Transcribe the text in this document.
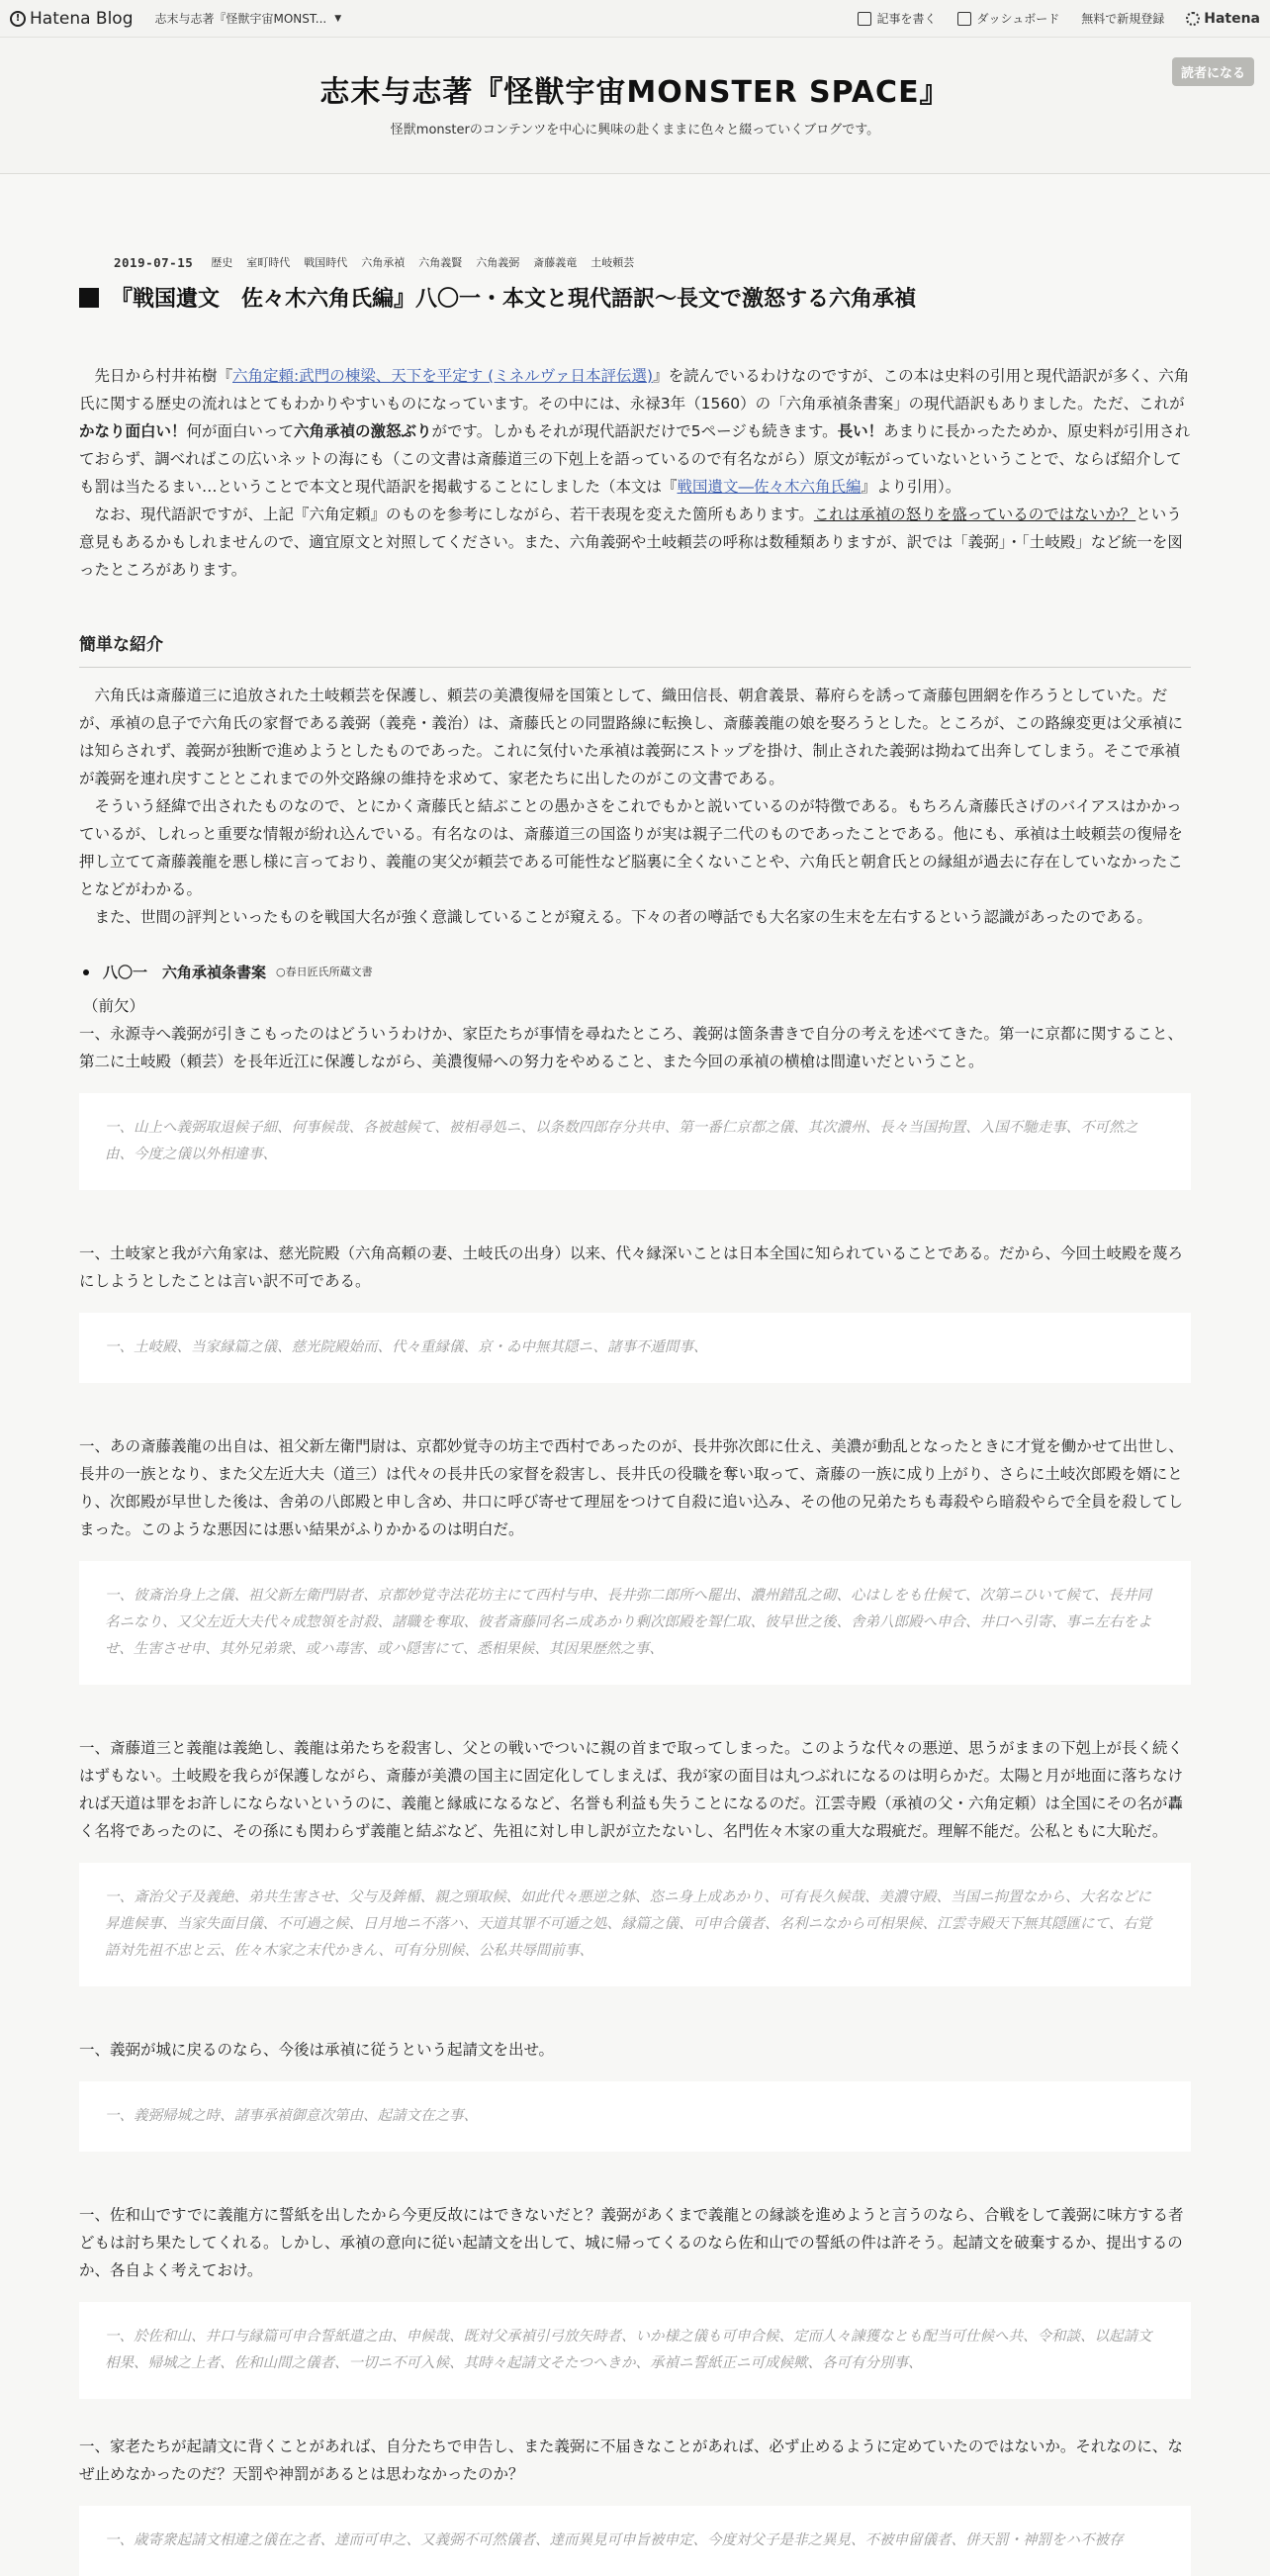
! Hatena Blog 志末与志著『怪獣宇宙MONST... ▼	記事を書く	ダッシュボード 無料で新規登録	Hatena
志末与志著『怪獣宇宙MONSTER SPACE』
怪獣monsterのコンテンツを中心に興味の赴くままに色々と綴っていくブログです。
読者になる
2019-07-15 歴史 室町時代 戦国時代 六角承禎 六角義賢 六角義弼 斎藤義竜 土岐頼芸
『戦国遺文　佐々木六角氏編』八〇一・本文と現代語訳～長文で激怒する六角承禎

先日から村井祐樹『六角定頼:武門の棟梁、天下を平定す (ミネルヴァ日本評伝選)』を読んでいるわけなのですが、この本は史料の引用と現代語訳が多く、六角氏に関する歴史の流れはとてもわかりやすいものになっています。その中には、永禄3年（1560）の「六角承禎条書案」の現代語訳もありました。ただ、これがかなり面白い！何が面白いって六角承禎の激怒ぶりがです。しかもそれが現代語訳だけで5ページも続きます。長い！あまりに長かったためか、原史料が引用されておらず、調べればこの広いネットの海にも（この文書は斎藤道三の下剋上を語っているので有名ながら）原文が転がっていないということで、ならば紹介しても罰は当たるまい…ということで本文と現代語訳を掲載することにしました（本文は『戦国遺文―佐々木六角氏編』より引用）。

なお、現代語訳ですが、上記『六角定頼』のものを参考にしながら、若干表現を変えた箇所もあります。これは承禎の怒りを盛っているのではないか？という意見もあるかもしれませんので、適宜原文と対照してください。また、六角義弼や土岐頼芸の呼称は数種類ありますが、訳では「義弼」・「土岐殿」など統一を図ったところがあります。

簡単な紹介

六角氏は斎藤道三に追放された土岐頼芸を保護し、頼芸の美濃復帰を国策として、織田信長、朝倉義景、幕府らを誘って斎藤包囲網を作ろうとしていた。だが、承禎の息子で六角氏の家督である義弼（義堯・義治）は、斎藤氏との同盟路線に転換し、斎藤義龍の娘を娶ろうとした。ところが、この路線変更は父承禎には知らされず、義弼が独断で進めようとしたものであった。これに気付いた承禎は義弼にストップを掛け、制止された義弼は拗ねて出奔してしまう。そこで承禎が義弼を連れ戻すこととこれまでの外交路線の維持を求めて、家老たちに出したのがこの文書である。

そういう経緯で出されたものなので、とにかく斎藤氏と結ぶことの愚かさをこれでもかと説いているのが特徴である。もちろん斎藤氏さげのバイアスはかかっているが、しれっと重要な情報が紛れ込んでいる。有名なのは、斎藤道三の国盗りが実は親子二代のものであったことである。他にも、承禎は土岐頼芸の復帰を押し立てて斎藤義龍を悪し様に言っており、義龍の実父が頼芸である可能性など脳裏に全くないことや、六角氏と朝倉氏との縁組が過去に存在していなかったことなどがわかる。

また、世間の評判といったものを戦国大名が強く意識していることが窺える。下々の者の噂話でも大名家の生末を左右するという認識があったのである。

八〇一　六角承禎条書案 ○春日匠氏所蔵文書
（前欠）

一、永源寺へ義弼が引きこもったのはどういうわけか、家臣たちが事情を尋ねたところ、義弼は箇条書きで自分の考えを述べてきた。第一に京都に関すること、第二に土岐殿（頼芸）を長年近江に保護しながら、美濃復帰への努力をやめること、また今回の承禎の横槍は間違いだということ。

一、山上へ義弼取退候子細、何事候哉、各被越候て、被相尋処ニ、以条数四郎存分共申、第一番仁京都之儀、其次濃州、長々当国拘置、入国不馳走事、不可然之由、今度之儀以外相違事、

一、土岐家と我が六角家は、慈光院殿（六角高頼の妻、土岐氏の出身）以来、代々縁深いことは日本全国に知られていることである。だから、今回土岐殿を蔑ろにしようとしたことは言い訳不可である。

一、土岐殿、当家縁篇之儀、慈光院殿始而、代々重縁儀、京・ゐ中無其隠ニ、諸事不遁間事、

一、あの斎藤義龍の出自は、祖父新左衛門尉は、京都妙覚寺の坊主で西村であったのが、長井弥次郎に仕え、美濃が動乱となったときに才覚を働かせて出世し、長井の一族となり、また父左近大夫（道三）は代々の長井氏の家督を殺害し、長井氏の役職を奪い取って、斎藤の一族に成り上がり、さらに土岐次郎殿を婿にとり、次郎殿が早世した後は、舎弟の八郎殿と申し含め、井口に呼び寄せて理屈をつけて自殺に追い込み、その他の兄弟たちも毒殺やら暗殺やらで全員を殺してしまった。このような悪因には悪い結果がふりかかるのは明白だ。

一、彼斎治身上之儀、祖父新左衛門尉者、京都妙覚寺法花坊主にて西村与申、長井弥二郎所へ罷出、濃州錯乱之砌、心はしをも仕候て、次第ニひいて候て、長井同名ニなり、又父左近大夫代々成惣領を討殺、諸職を奪取、彼者斎藤同名ニ成あかり剰次郎殿を聟仁取、彼早世之後、舎弟八郎殿へ申合、井口へ引寄、事ニ左右をよせ、生害させ申、其外兄弟衆、或ハ毒害、或ハ隠害にて、悉相果候、其因果歴然之事、

一、斎藤道三と義龍は義絶し、義龍は弟たちを殺害し、父との戦いでついに親の首まで取ってしまった。このような代々の悪逆、思うがままの下剋上が長く続くはずもない。土岐殿を我らが保護しながら、斎藤が美濃の国主に固定化してしまえば、我が家の面目は丸つぶれになるのは明らかだ。太陽と月が地面に落ちなければ天道は罪をお許しにならないというのに、義龍と縁戚になるなど、名誉も利益も失うことになるのだ。江雲寺殿（承禎の父・六角定頼）は全国にその名が轟く名将であったのに、その孫にも関わらず義龍と結ぶなど、先祖に対し申し訳が立たないし、名門佐々木家の重大な瑕疵だ。理解不能だ。公私ともに大恥だ。

一、斎治父子及義絶、弟共生害させ、父与及鉾楯、親之頸取候、如此代々悪逆之躰、恣ニ身上成あかり、可有長久候哉、美濃守殿、当国ニ拘置なから、大名などに昇進候事、当家失面目儀、不可過之候、日月地ニ不落ハ、天道其罪不可遁之処、縁篇之儀、可申合儀者、名利ニなから可相果候、江雲寺殿天下無其隠匯にて、右覚語対先祖不忠と云、佐々木家之末代かきん、可有分別候、公私共辱間前事、

一、義弼が城に戻るのなら、今後は承禎に従うという起請文を出せ。

一、義弼帰城之時、諸事承禎御意次第由、起請文在之事、

一、佐和山ですでに義龍方に誓紙を出したから今更反故にはできないだと？義弼があくまで義龍との縁談を進めようと言うのなら、合戦をして義弼に味方する者どもは討ち果たしてくれる。しかし、承禎の意向に従い起請文を出して、城に帰ってくるのなら佐和山での誓紙の件は許そう。起請文を破棄するか、提出するのか、各自よく考えておけ。

一、於佐和山、井口与縁篇可申合誓紙遣之由、申候哉、既対父承禎引弓放矢時者、いか様之儀も可申合候、定而人々諫獲なとも配当可仕候へ共、令和談、以起請文相果、帰城之上者、佐和山間之儀者、一切ニ不可入候、其時々起請文そたつへきか、承禎ニ誓紙正ニ可成候歟、各可有分別事、

一、家老たちが起請文に背くことがあれば、自分たちで申告し、また義弼に不届きなことがあれば、必ず止めるように定めていたのではないか。それなのに、なぜ止めなかったのだ？天罰や神罰があるとは思わなかったのか？

一、歳寄衆起請文相違之儀在之者、達而可申之、又義弼不可然儀者、達而異見可申旨被申定、今度対父子是非之異見、不被申留儀者、併天罰・神罰をハ不被存
